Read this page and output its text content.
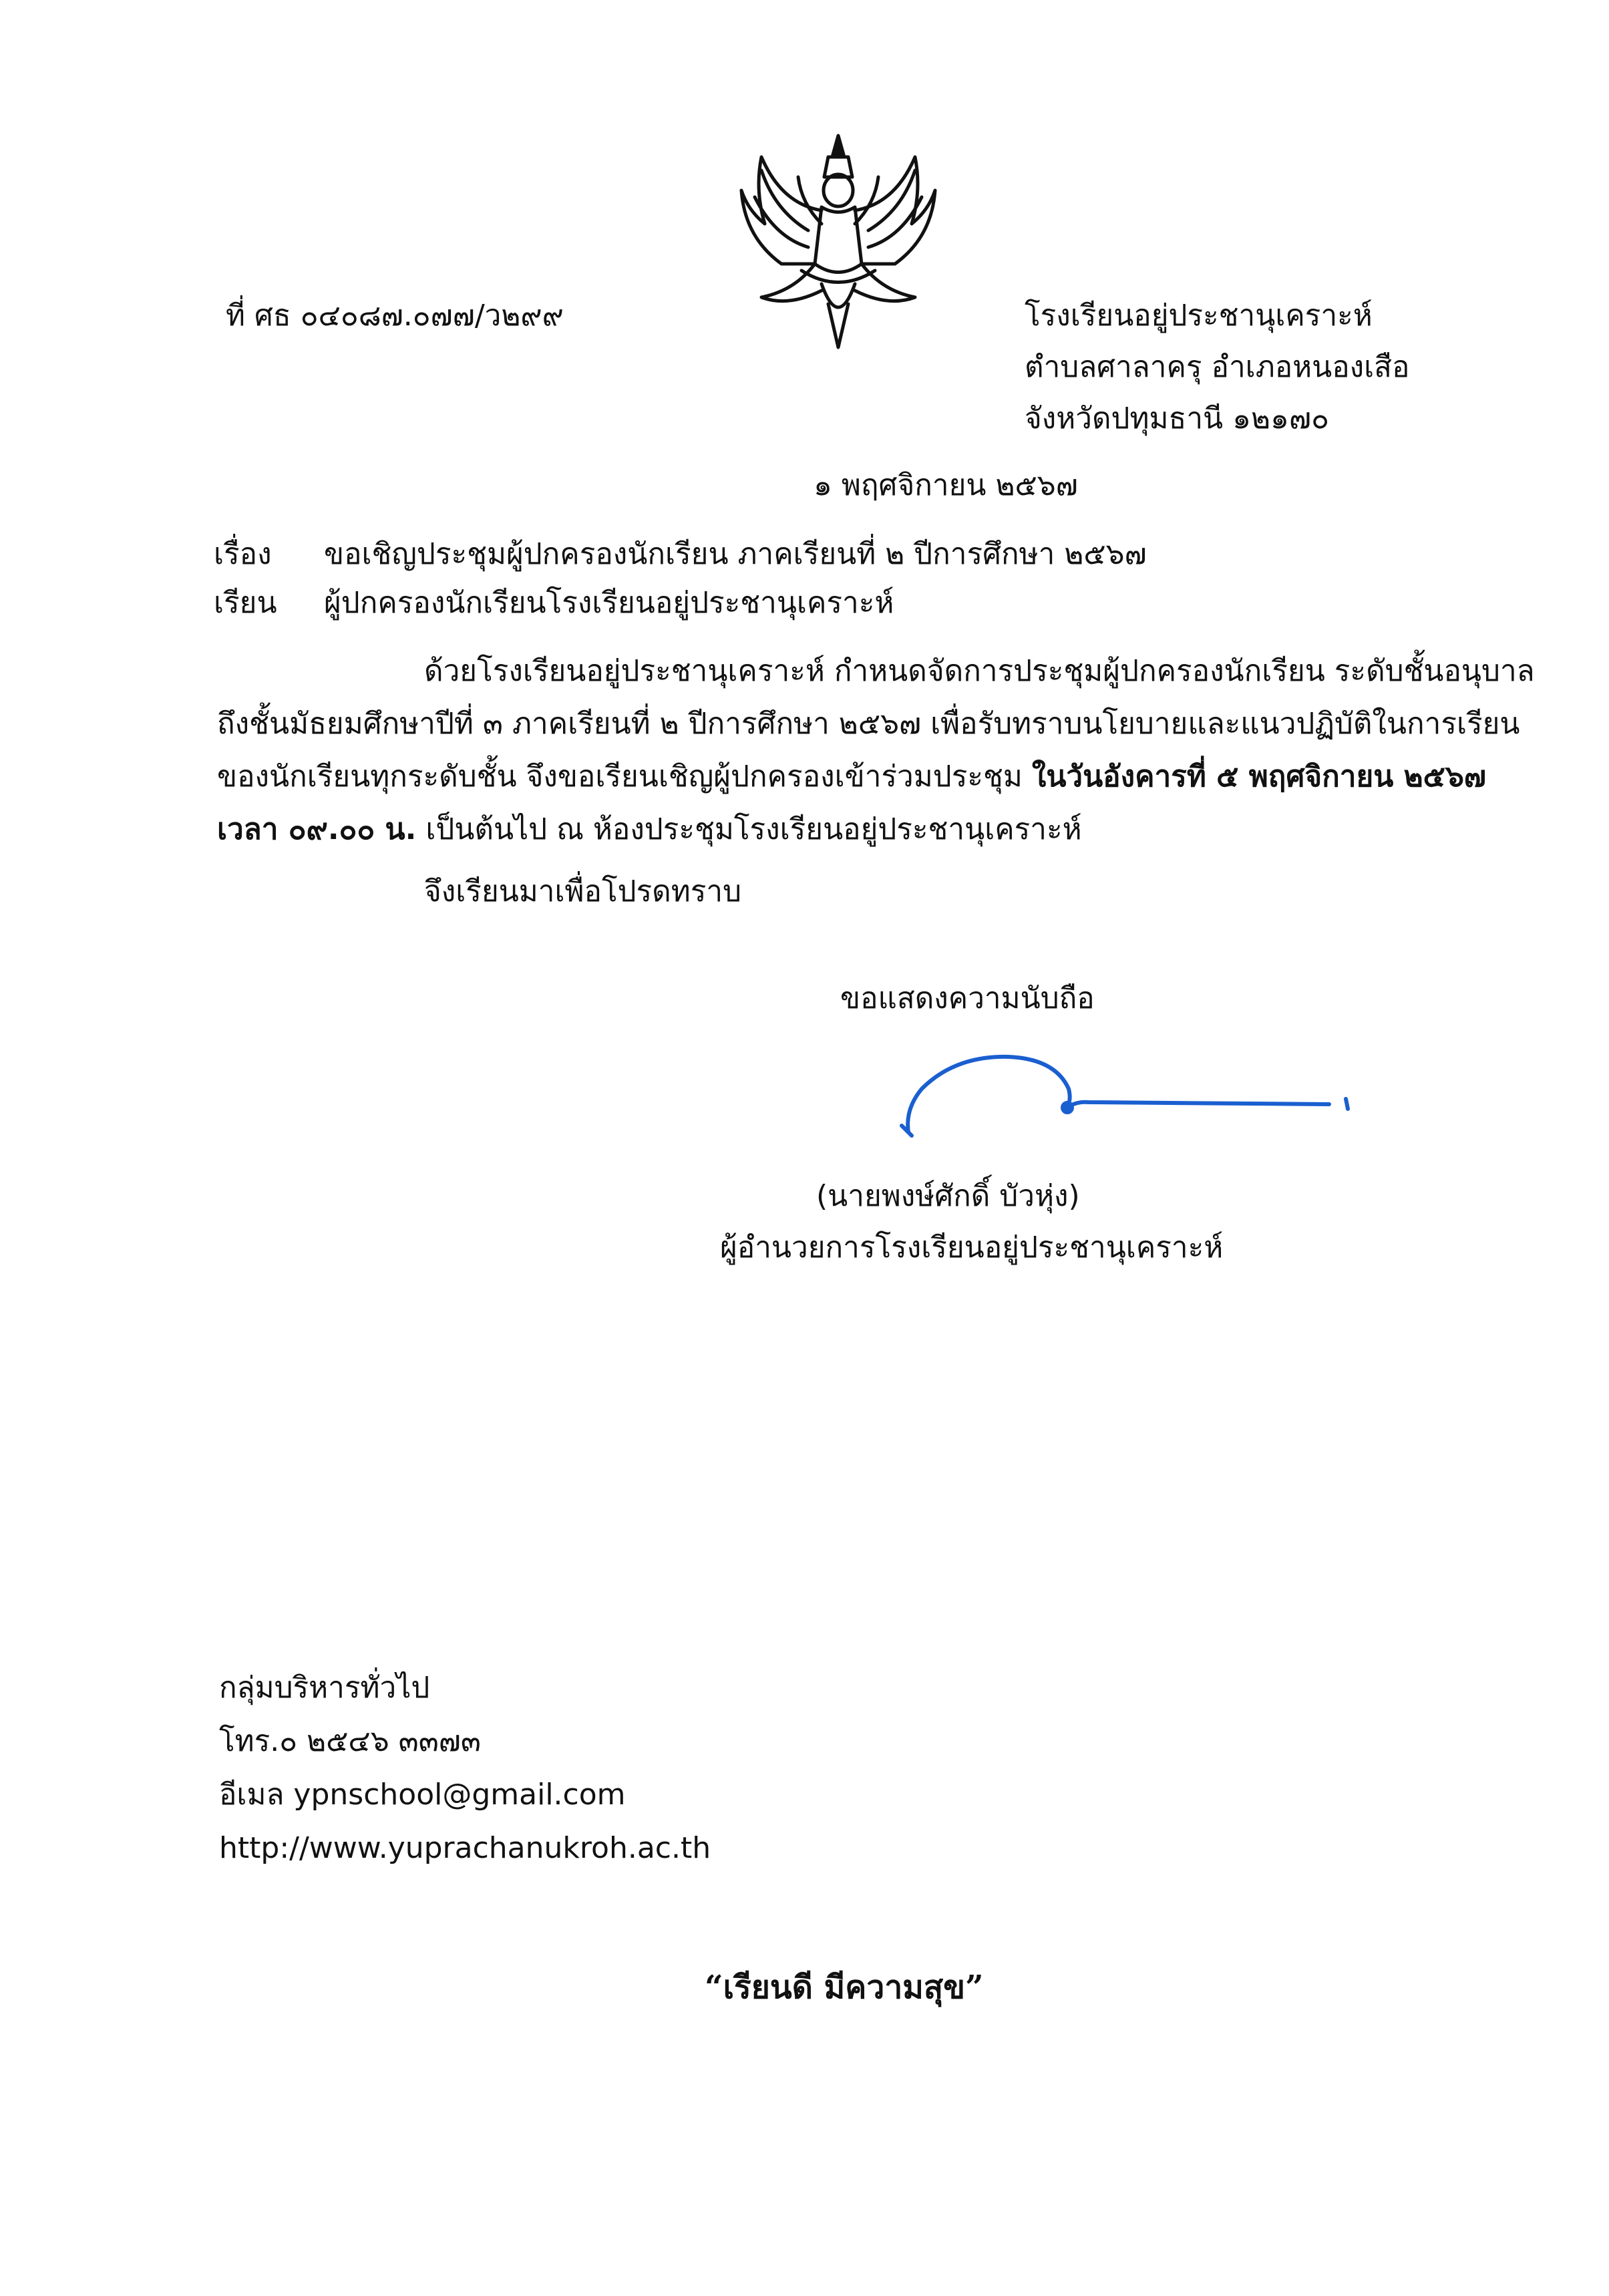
ที่ ศธ ๐๔๐๘๗.๐๗๗/ว๒๙๙	โรงเรียนอยู่ประชานุเคราะห์
ตำบลศาลาครุ อำเภอหนองเสือ
จังหวัดปทุมธานี ๑๒๑๗๐
๑ พฤศจิกายน ๒๕๖๗
เรื่อง ขอเชิญประชุมผู้ปกครองนักเรียน ภาคเรียนที่ ๒ ปีการศึกษา ๒๕๖๗
เรียน ผู้ปกครองนักเรียนโรงเรียนอยู่ประชานุเคราะห์
ด้วยโรงเรียนอยู่ประชานุเคราะห์ กำหนดจัดการประชุมผู้ปกครองนักเรียน ระดับชั้นอนุบาล
ถึงชั้นมัธยมศึกษาปีที่ ๓ ภาคเรียนที่ ๒ ปีการศึกษา ๒๕๖๗ เพื่อรับทราบนโยบายและแนวปฏิบัติในการเรียน
ของนักเรียนทุกระดับชั้น จึงขอเรียนเชิญผู้ปกครองเข้าร่วมประชุม ในวันอังคารที่ ๕ พฤศจิกายน ๒๕๖๗
เวลา ๐๙.๐๐ น. เป็นต้นไป ณ ห้องประชุมโรงเรียนอยู่ประชานุเคราะห์
จึงเรียนมาเพื่อโปรดทราบ
ขอแสดงความนับถือ
(นายพงษ์ศักดิ์ บัวหุ่ง)
ผู้อำนวยการโรงเรียนอยู่ประชานุเคราะห์
กลุ่มบริหารทั่วไป
โทร.๐ ๒๕๔๖ ๓๓๗๓
อีเมล ypnschool@gmail.com
http://www.yuprachanukroh.ac.th
“เรียนดี มีความสุข”
